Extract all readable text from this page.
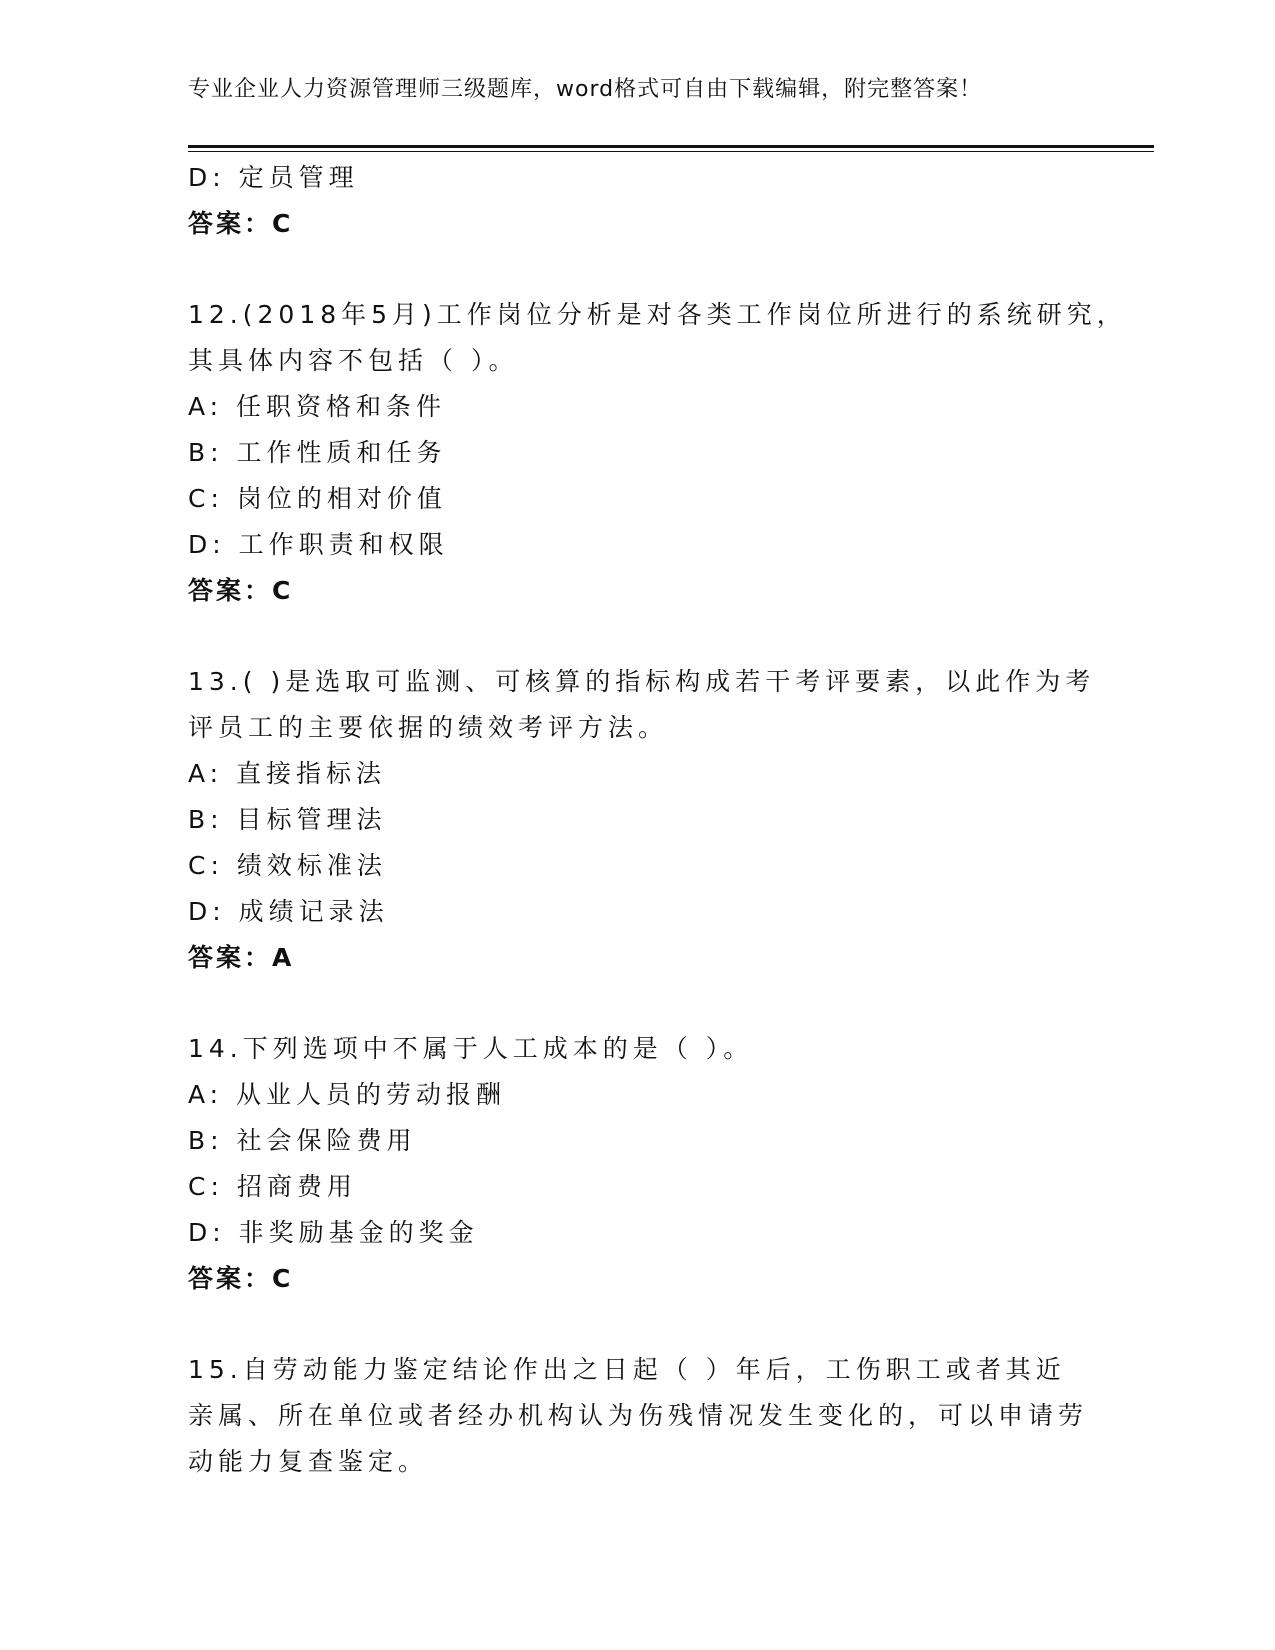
专业企业人力资源管理师三级题库，word格式可自由下载编辑，附完整答案！
D: 定员管理
答案：C
12.(2018年5月)工作岗位分析是对各类工作岗位所进行的系统研究，
其具体内容不包括（ ）。
A: 任职资格和条件
B: 工作性质和任务
C: 岗位的相对价值
D: 工作职责和权限
答案：C
13.( )是选取可监测、可核算的指标构成若干考评要素，以此作为考
评员工的主要依据的绩效考评方法。
A: 直接指标法
B: 目标管理法
C: 绩效标准法
D: 成绩记录法
答案：A
14.下列选项中不属于人工成本的是（ ）。
A: 从业人员的劳动报酬
B: 社会保险费用
C: 招商费用
D: 非奖励基金的奖金
答案：C
15.自劳动能力鉴定结论作出之日起（ ）年后，工伤职工或者其近
亲属、所在单位或者经办机构认为伤残情况发生变化的，可以申请劳
动能力复查鉴定。
